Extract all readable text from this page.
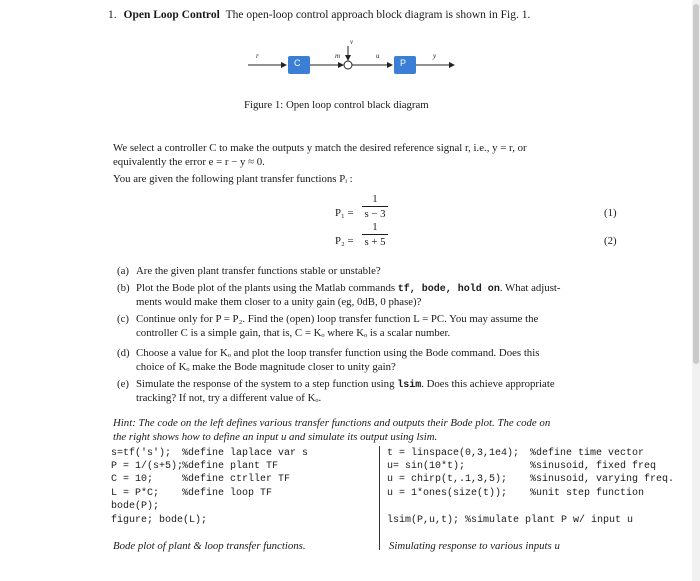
1. Open Loop Control The open-loop control approach block diagram is shown in Fig. 1.
C	P
r	m
v
u	y
Figure 1: Open loop control black diagram
We select a controller C to make the outputs y match the desired reference signal r, i.e., y = r, or
equivalently the error e = r − y ≈ 0.
You are given the following plant transfer functions Pᵢ :
P₁ =
1
s − 3	(1)
P₂ =
1
s + 5	(2)
(a) Are the given plant transfer functions stable or unstable?
(b) Plot the Bode plot of the plants using the Matlab commands tf, bode, hold on. What adjust-
ments would make them closer to a unity gain (eg, 0dB, 0 phase)?
(c) Continue only for P = P₂. Find the (open) loop transfer function L = PC. You may assume the
controller C is a simple gain, that is, C = Kₒ where Kₒ is a scalar number.
(d) Choose a value for Kₒ and plot the loop transfer function using the Bode command. Does this
choice of Kₒ make the Bode magnitude closer to unity gain?
(e) Simulate the response of the system to a step function using lsim. Does this achieve appropriate
tracking? If not, try a different value of Kₒ.
Hint: The code on the left defines various transfer functions and outputs their Bode plot. The code on
the right shows how to define an input u and simulate its output using lsim.
s=tf('s'); %define laplace var s
P = 1/(s+5);
%define plant TF
C = 10;	%define ctrller TF
L = P*C; %define loop TF
bode(P);
figure; bode(L);
Bode plot of plant & loop transfer functions.
t = linspace(0,3,1e4); %define time vector
u= sin(10*t);	%sinusoid, fixed freq
u = chirp(t,.1,3,5); %sinusoid, varying freq.
u = 1*ones(size(t)); %unit step function
lsim(P,u,t); %simulate plant P w/ input u
Simulating response to various inputs u
